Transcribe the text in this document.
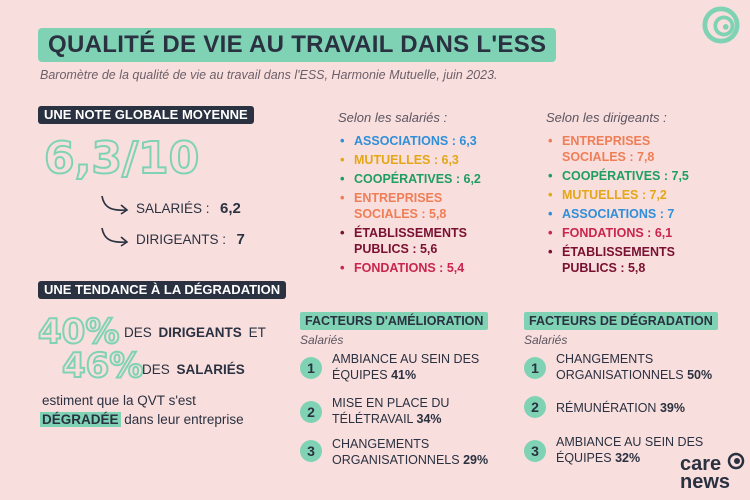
QUALITÉ DE VIE AU TRAVAIL DANS L'ESS
Baromètre de la qualité de vie au travail dans l'ESS, Harmonie Mutuelle, juin 2023.
UNE NOTE GLOBALE MOYENNE
6,3/10
SALARIÉS : 6,2
DIRIGEANTS : 7
Selon les salariés :
• ASSOCIATIONS : 6,3
• MUTUELLES : 6,3
• COOPÉRATIVES : 6,2
• ENTREPRISES SOCIALES : 5,8
• ÉTABLISSEMENTS PUBLICS : 5,6
• FONDATIONS : 5,4
Selon les dirigeants :
• ENTREPRISES SOCIALES : 7,8
• COOPÉRATIVES : 7,5
• MUTUELLES : 7,2
• ASSOCIATIONS : 7
• FONDATIONS : 6,1
• ÉTABLISSEMENTS PUBLICS : 5,8
UNE TENDANCE À LA DÉGRADATION
40% DES DIRIGEANTS ET
46%
DES SALARIÉS
estiment que la QVT s'est
DÉGRADÉE dans leur entreprise
FACTEURS D'AMÉLIORATION
Salariés
1
AMBIANCE AU SEIN DES ÉQUIPES 41%
2
MISE EN PLACE DU TÉLÉTRAVAIL 34%
3	CHANGEMENTS ORGANISATIONNELS 29%
FACTEURS DE DÉGRADATION
Salariés
1
CHANGEMENTS ORGANISATIONNELS 50%
2	RÉMUNÉRATION 39%
3
AMBIANCE AU SEIN DES ÉQUIPES 32%	care
news
